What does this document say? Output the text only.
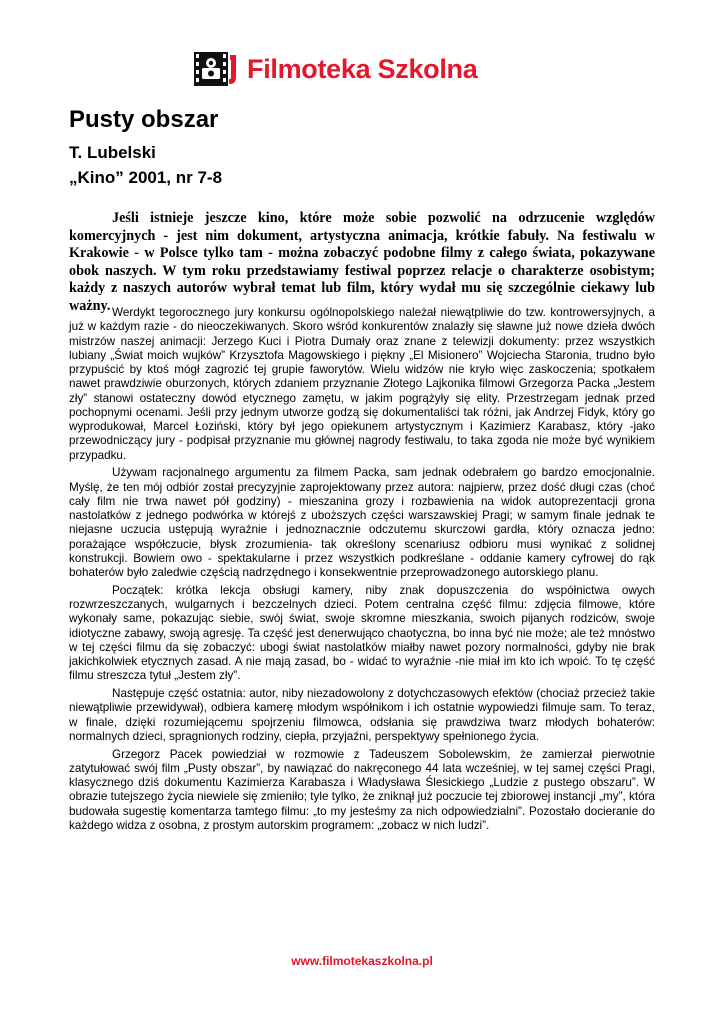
Filmoteka Szkolna
Pusty obszar
T. Lubelski
„Kino” 2001, nr 7-8

Jeśli istnieje jeszcze kino, które może sobie pozwolić na odrzucenie względów komercyjnych - jest nim dokument, artystyczna animacja, krótkie fabuły. Na festiwalu w Krakowie - w Polsce tylko tam - można zobaczyć podobne filmy z całego świata, pokazywane obok naszych. W tym roku przedstawiamy festiwal poprzez relacje o charakterze osobistym; każdy z naszych autorów wybrał temat lub film, który wydał mu się szczególnie ciekawy lub ważny. Werdykt tegorocznego jury konkursu ogólnopolskiego należał niewątpliwie do tzw. kontrowersyjnych, a już w każdym razie - do nieoczekiwanych. Skoro wśród konkurentów znalazły się sławne już nowe dzieła dwóch mistrzów naszej animacji: Jerzego Kuci i Piotra Dumały oraz znane z telewizji dokumenty: przez wszystkich lubiany „Świat moich wujków” Krzysztofa Magowskiego i piękny „El Misionero” Wojciecha Staronia, trudno było przypuścić by ktoś mógł zagrozić tej grupie faworytów. Wielu widzów nie kryło więc zaskoczenia; spotkałem nawet prawdziwie oburzonych, których zdaniem przyznanie Złotego Lajkonika filmowi Grzegorza Packa „Jestem zły” stanowi ostateczny dowód etycznego zamętu, w jakim pogrążyły się elity. Przestrzegam jednak przed pochopnymi ocenami. Jeśli przy jednym utworze godzą się dokumentaliści tak różni, jak Andrzej Fidyk, który go wyprodukował, Marcel Łoziński, który był jego opiekunem artystycznym i Kazimierz Karabasz, który -jako przewodniczący jury - podpisał przyznanie mu głównej nagrody festiwalu, to taka zgoda nie może być wynikiem przypadku.

Używam racjonalnego argumentu za filmem Packa, sam jednak odebrałem go bardzo emocjonalnie. Myślę, że ten mój odbiór został precyzyjnie zaprojektowany przez autora: najpierw, przez dość długi czas (choć cały film nie trwa nawet pół godziny) - mieszanina grozy i rozbawienia na widok autoprezentacji grona nastolatków z jednego podwórka w którejś z uboższych części warszawskiej Pragi; w samym finale jednak te niejasne uczucia ustępują wyraźnie i jednoznacznie odczutemu skurczowi gardła, który oznacza jedno: porażające współczucie, błysk zrozumienia- tak określony scenariusz odbioru musi wynikać z solidnej konstrukcji. Bowiem owo - spektakularne i przez wszystkich podkreślane - oddanie kamery cyfrowej do rąk bohaterów było zaledwie częścią nadrzędnego i konsekwentnie przeprowadzonego autorskiego planu.

Początek: krótka lekcja obsługi kamery, niby znak dopuszczenia do współnictwa owych rozwrzeszczanych, wulgarnych i bezczelnych dzieci. Potem centralna część filmu: zdjęcia filmowe, które wykonały same, pokazując siebie, swój świat, swoje skromne mieszkania, swoich pijanych rodziców, swoje idiotyczne zabawy, swoją agresję. Ta część jest denerwująco chaotyczna, bo inna być nie może; ale też mnóstwo w tej części filmu da się zobaczyć: ubogi świat nastolatków miałby nawet pozory normalności, gdyby nie brak jakichkolwiek etycznych zasad. A nie mają zasad, bo - widać to wyraźnie -nie miał im kto ich wpoić. To tę część filmu streszcza tytuł „Jestem zły”.

Następuje część ostatnia: autor, niby niezadowolony z dotychczasowych efektów (chociaż przecież takie niewątpliwie przewidywał), odbiera kamerę młodym współnikom i ich ostatnie wypowiedzi filmuje sam. To teraz, w finale, dzięki rozumiejącemu spojrzeniu filmowca, odsłania się prawdziwa twarz młodych bohaterów: normalnych dzieci, spragnionych rodziny, ciepła, przyjaźni, perspektywy spełnionego życia.

Grzegorz Pacek powiedział w rozmowie z Tadeuszem Sobolewskim, że zamierzał pierwotnie zatytułować swój film „Pusty obszar”, by nawiązać do nakręconego 44 lata wcześniej, w tej samej części Pragi, klasycznego dziś dokumentu Kazimierza Karabasza i Władysława Ślesickiego „Ludzie z pustego obszaru”. W obrazie tutejszego życia niewiele się zmieniło; tyle tylko, że zniknął już poczucie tej zbiorowej instancji „my”, która budowała sugestię komentarza tamtego filmu: „to my jesteśmy za nich odpowiedzialni”. Pozostało docieranie do każdego widza z osobna, z prostym autorskim programem: „zobacz w nich ludzi”.

www.filmotekaszkolna.pl
